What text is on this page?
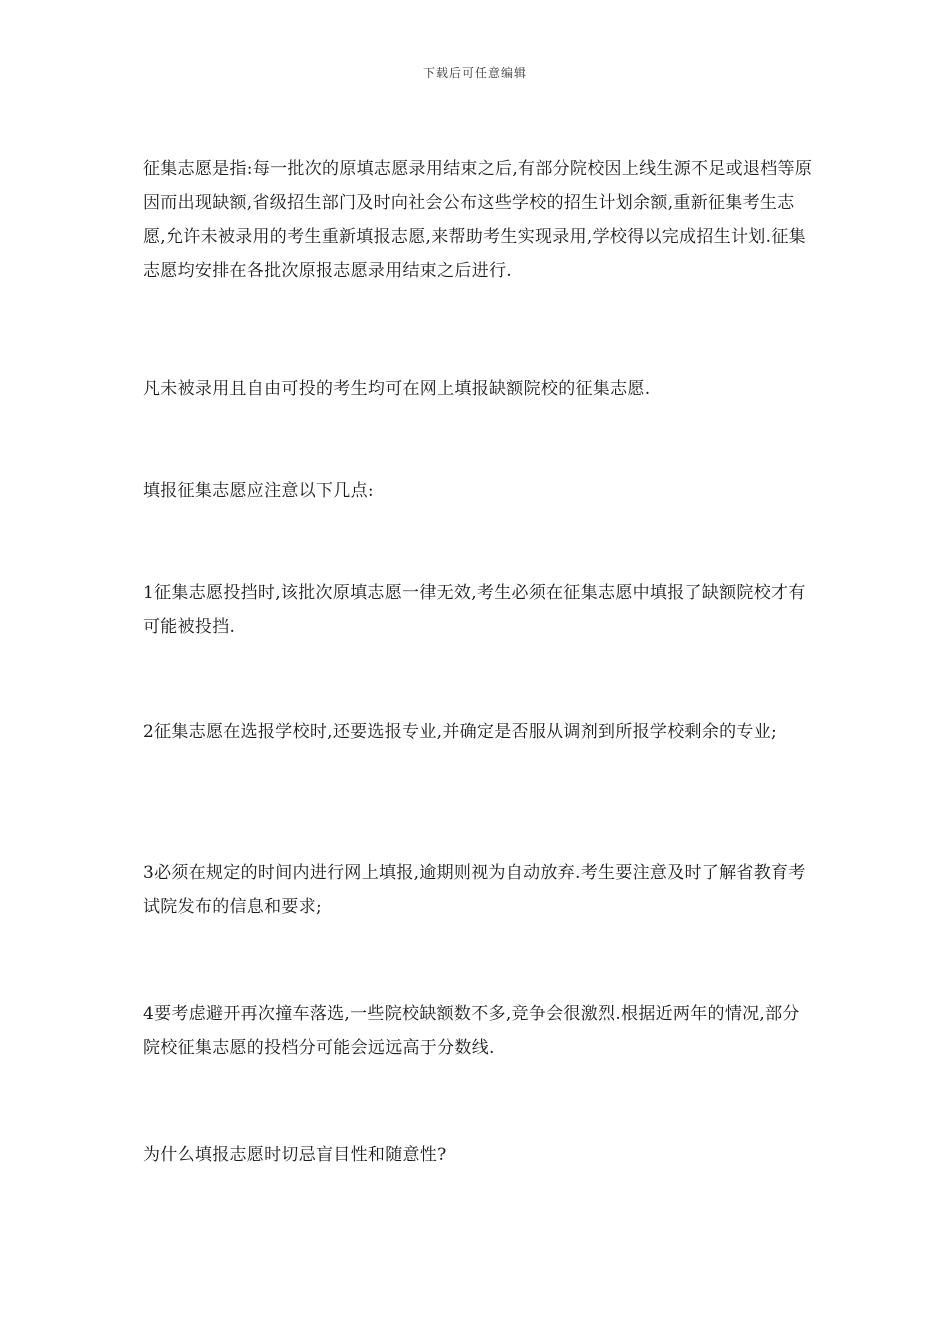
下载后可任意编辑
征集志愿是指:每一批次的原填志愿录用结束之后,有部分院校因上线生源不足或退档等原因而出现缺额,省级招生部门及时向社会公布这些学校的招生计划余额,重新征集考生志愿,允许未被录用的考生重新填报志愿,来帮助考生实现录用,学校得以完成招生计划.征集志愿均安排在各批次原报志愿录用结束之后进行.
凡未被录用且自由可投的考生均可在网上填报缺额院校的征集志愿.
填报征集志愿应注意以下几点:
1征集志愿投挡时,该批次原填志愿一律无效,考生必须在征集志愿中填报了缺额院校才有可能被投挡.
2征集志愿在选报学校时,还要选报专业,并确定是否服从调剂到所报学校剩余的专业;
3必须在规定的时间内进行网上填报,逾期则视为自动放弃.考生要注意及时了解省教育考试院发布的信息和要求;
4要考虑避开再次撞车落选,一些院校缺额数不多,竞争会很激烈.根据近两年的情况,部分院校征集志愿的投档分可能会远远高于分数线.
为什么填报志愿时切忌盲目性和随意性?
